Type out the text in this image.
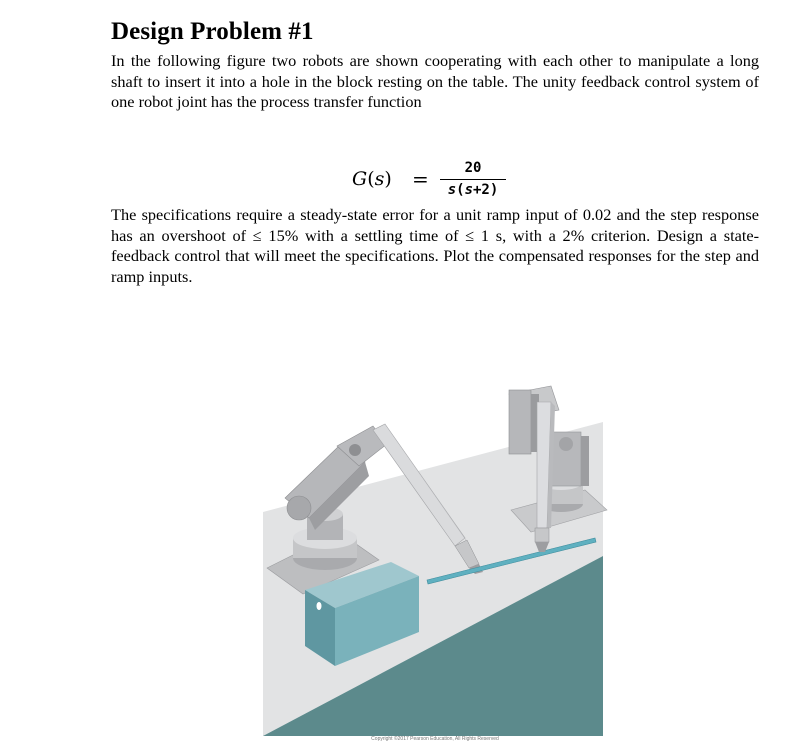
Design Problem #1

In the following figure two robots are shown cooperating with each other to manipulate a long shaft to insert it into a hole in the block resting on the table. The unity feedback control system of one robot joint has the process transfer function

G(s) =	20
s(s+2)

The specifications require a steady-state error for a unit ramp input of 0.02 and the step response has an overshoot of ≤ 15% with a settling time of ≤ 1 s, with a 2% criterion. Design a state-feedback control that will meet the specifications. Plot the compensated responses for the step and ramp inputs.

Copyright ©2017 Pearson Education, All Rights Reserved
